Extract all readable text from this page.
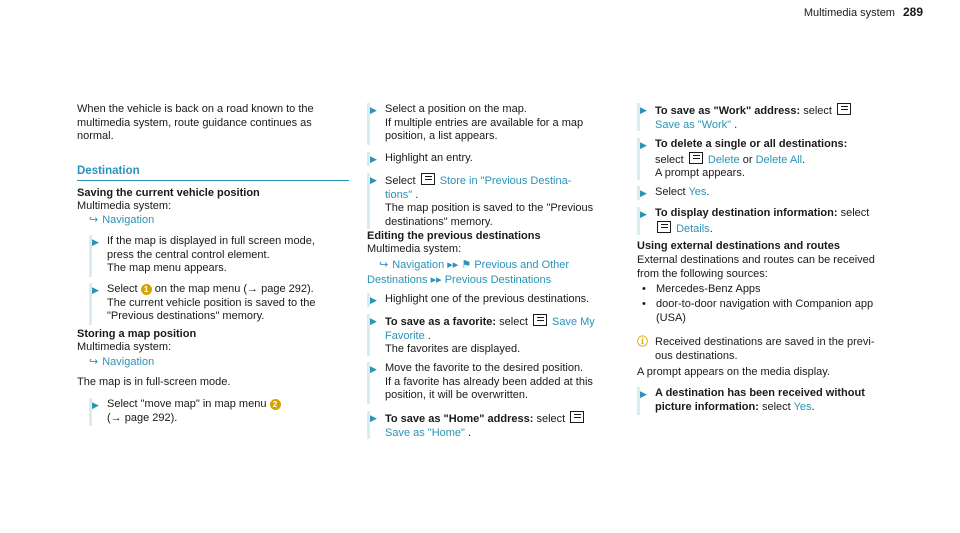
Multimedia system 289
When the vehicle is back on a road known to the
multimedia system, route guidance continues as
normal.
Destination
Saving the current vehicle position
Multimedia system:
↪ Navigation
▶ If the map is displayed in full screen mode,
press the central control element.
The map menu appears.
▶ Select 1 on the map menu (→ page 292).
The current vehicle position is saved to the
"Previous destinations" memory.
Storing a map position
Multimedia system:
↪ Navigation
The map is in full-screen mode.
▶ Select "move map" in map menu 2
(→ page 292).
▶ Select a position on the map.
If multiple entries are available for a map
position, a list appears.
▶ Highlight an entry.
▶ Select Store in "Previous Destina-
tions" .
The map position is saved to the "Previous
destinations" memory.
Editing the previous destinations
Multimedia system:
↪ Navigation ▸▸ ⚑ Previous and Other
Destinations ▸▸ Previous Destinations
▶ Highlight one of the previous destinations.
▶ To save as a favorite: select Save My
Favorite .
The favorites are displayed.
▶ Move the favorite to the desired position.
If a favorite has already been added at this
position, it will be overwritten.
▶ To save as "Home" address: select
Save as "Home" .
▶ To save as "Work" address: select
Save as "Work" .
▶ To delete a single or all destinations:
select Delete or Delete All.
A prompt appears.
▶ Select Yes.
▶ To display destination information: select
Details.
Using external destinations and routes
External destinations and routes can be received
from the following sources:
• Mercedes-Benz Apps
• door-to-door navigation with Companion app
(USA)
ⓘ Received destinations are saved in the previ-
ous destinations.
A prompt appears on the media display.
▶ A destination has been received without
picture information: select Yes.
